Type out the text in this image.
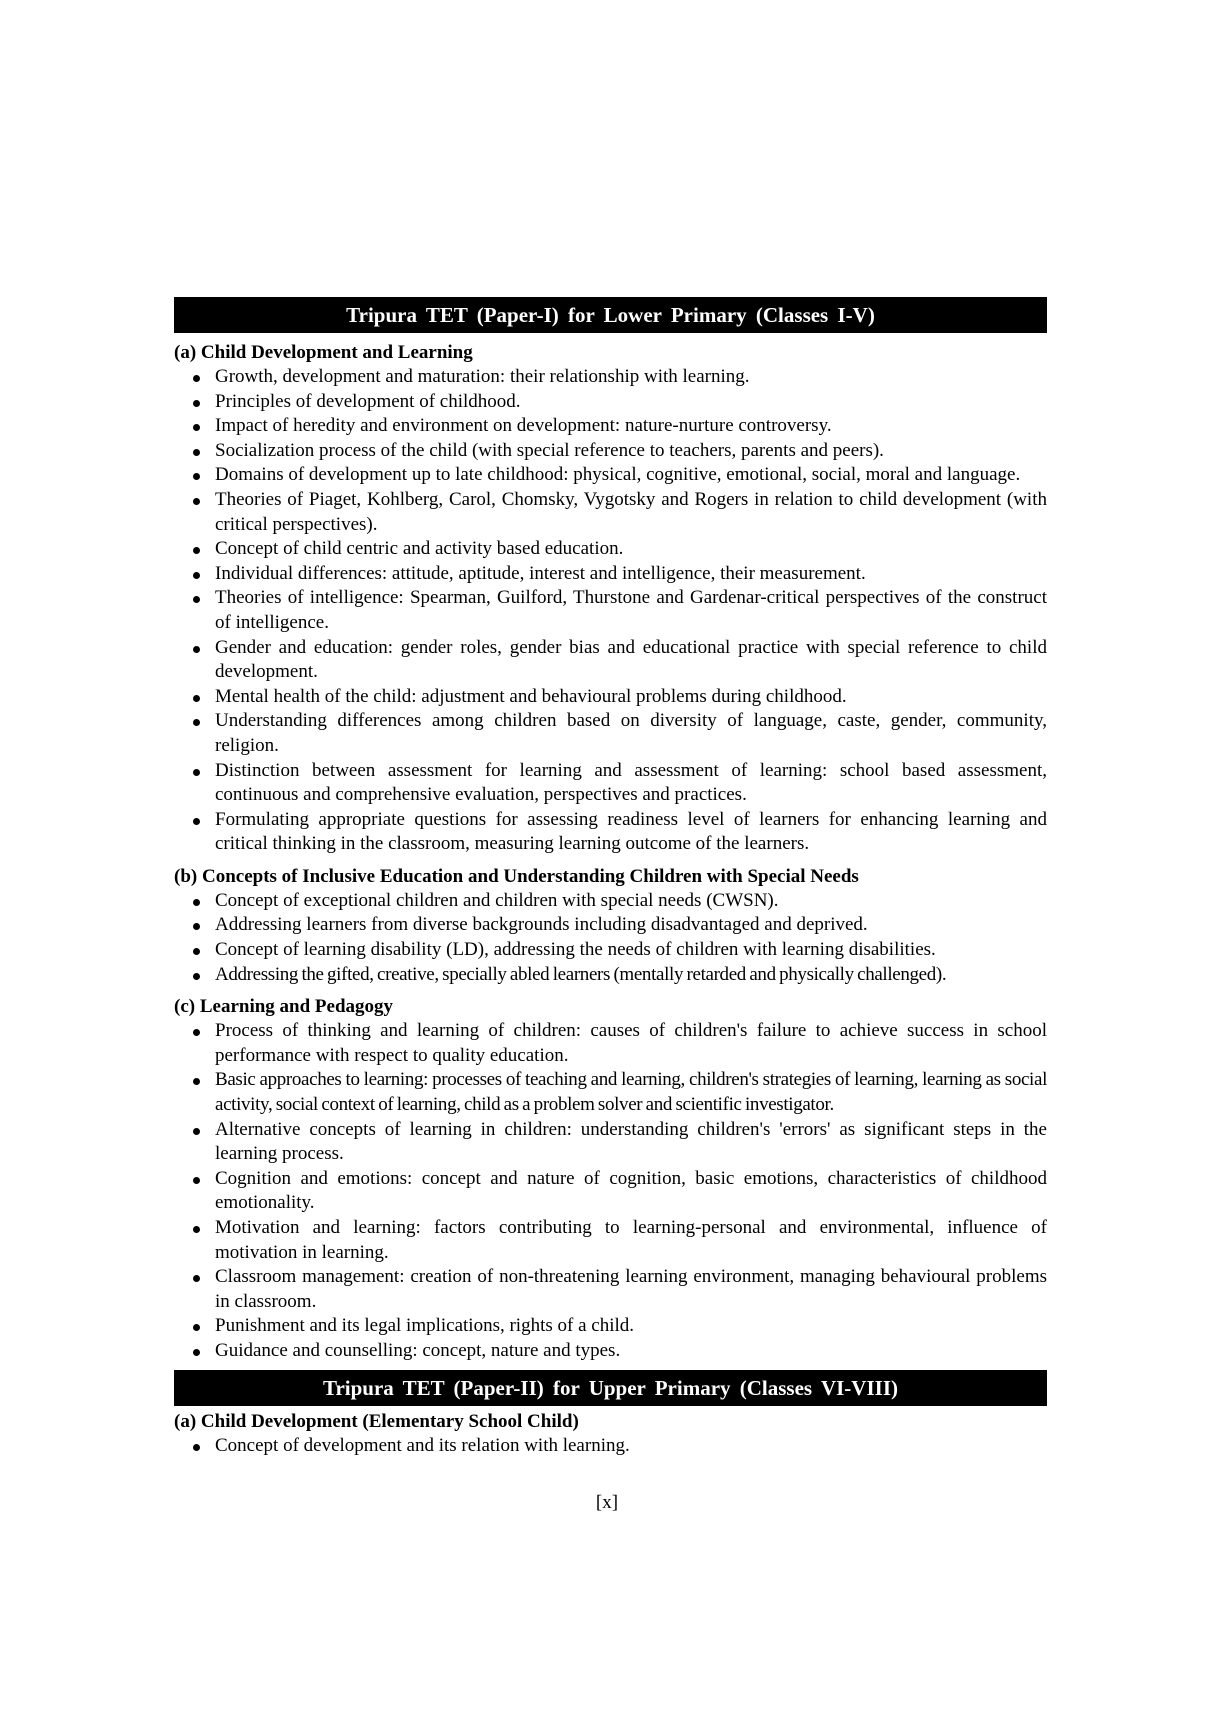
Tripura TET (Paper-I) for Lower Primary (Classes I-V)
(a) Child Development and Learning
Growth, development and maturation: their relationship with learning.
Principles of development of childhood.
Impact of heredity and environment on development: nature-nurture controversy.
Socialization process of the child (with special reference to teachers, parents and peers).
Domains of development up to late childhood: physical, cognitive, emotional, social, moral and language.
Theories of Piaget, Kohlberg, Carol, Chomsky, Vygotsky and Rogers in relation to child development (with critical perspectives).
Concept of child centric and activity based education.
Individual differences: attitude, aptitude, interest and intelligence, their measurement.
Theories of intelligence: Spearman, Guilford, Thurstone and Gardenar-critical perspectives of the construct of intelligence.
Gender and education: gender roles, gender bias and educational practice with special reference to child development.
Mental health of the child: adjustment and behavioural problems during childhood.
Understanding differences among children based on diversity of language, caste, gender, community, religion.
Distinction between assessment for learning and assessment of learning: school based assessment, continuous and comprehensive evaluation, perspectives and practices.
Formulating appropriate questions for assessing readiness level of learners for enhancing learning and critical thinking in the classroom, measuring learning outcome of the learners.
(b) Concepts of Inclusive Education and Understanding Children with Special Needs
Concept of exceptional children and children with special needs (CWSN).
Addressing learners from diverse backgrounds including disadvantaged and deprived.
Concept of learning disability (LD), addressing the needs of children with learning disabilities.
Addressing the gifted, creative, specially abled learners (mentally retarded and physically challenged).
(c) Learning and Pedagogy
Process of thinking and learning of children: causes of children's failure to achieve success in school performance with respect to quality education.
Basic approaches to learning: processes of teaching and learning, children's strategies of learning, learning as social activity, social context of learning, child as a problem solver and scientific investigator.
Alternative concepts of learning in children: understanding children's 'errors' as significant steps in the learning process.
Cognition and emotions: concept and nature of cognition, basic emotions, characteristics of childhood emotionality.
Motivation and learning: factors contributing to learning-personal and environmental, influence of motivation in learning.
Classroom management: creation of non-threatening learning environment, managing behavioural problems in classroom.
Punishment and its legal implications, rights of a child.
Guidance and counselling: concept, nature and types.
Tripura TET (Paper-II) for Upper Primary (Classes VI-VIII)
(a) Child Development (Elementary School Child)
Concept of development and its relation with learning.
[x]
